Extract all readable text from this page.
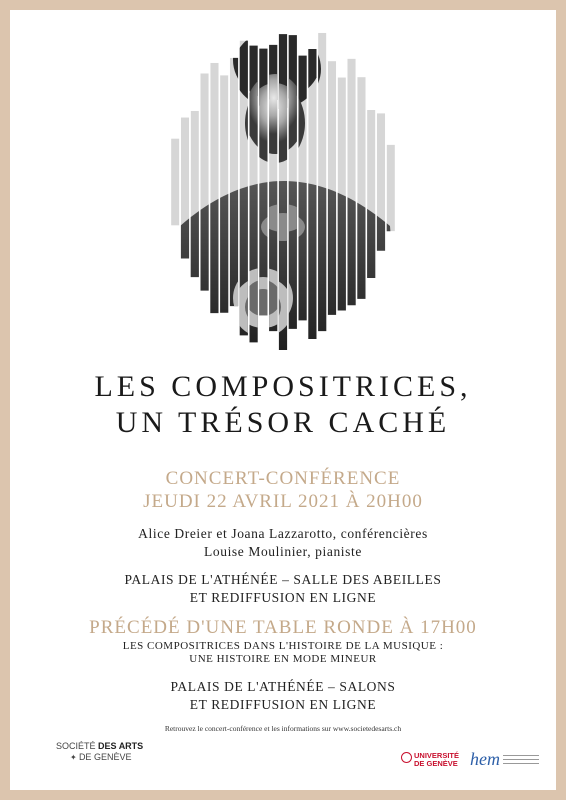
LES COMPOSITRICES,
UN TRÉSOR CACHÉ
CONCERT-CONFÉRENCE
JEUDI 22 AVRIL 2021 À 20H00
Alice Dreier et Joana Lazzarotto, conférencières
Louise Moulinier, pianiste
PALAIS DE L'ATHÉNÉE – SALLE DES ABEILLES
ET REDIFFUSION EN LIGNE
PRÉCÉDÉ D'UNE TABLE RONDE À 17H00
LES COMPOSITRICES DANS L'HISTOIRE DE LA MUSIQUE :
UNE HISTOIRE EN MODE MINEUR
PALAIS DE L'ATHÉNÉE – SALONS
ET REDIFFUSION EN LIGNE
Retrouvez le concert-conférence et les informations sur www.societedesarts.ch
SOCIÉTÉ DES ARTS
✦ DE GENÈVE	UNIVERSITÉ
DE GENÈVE hem
